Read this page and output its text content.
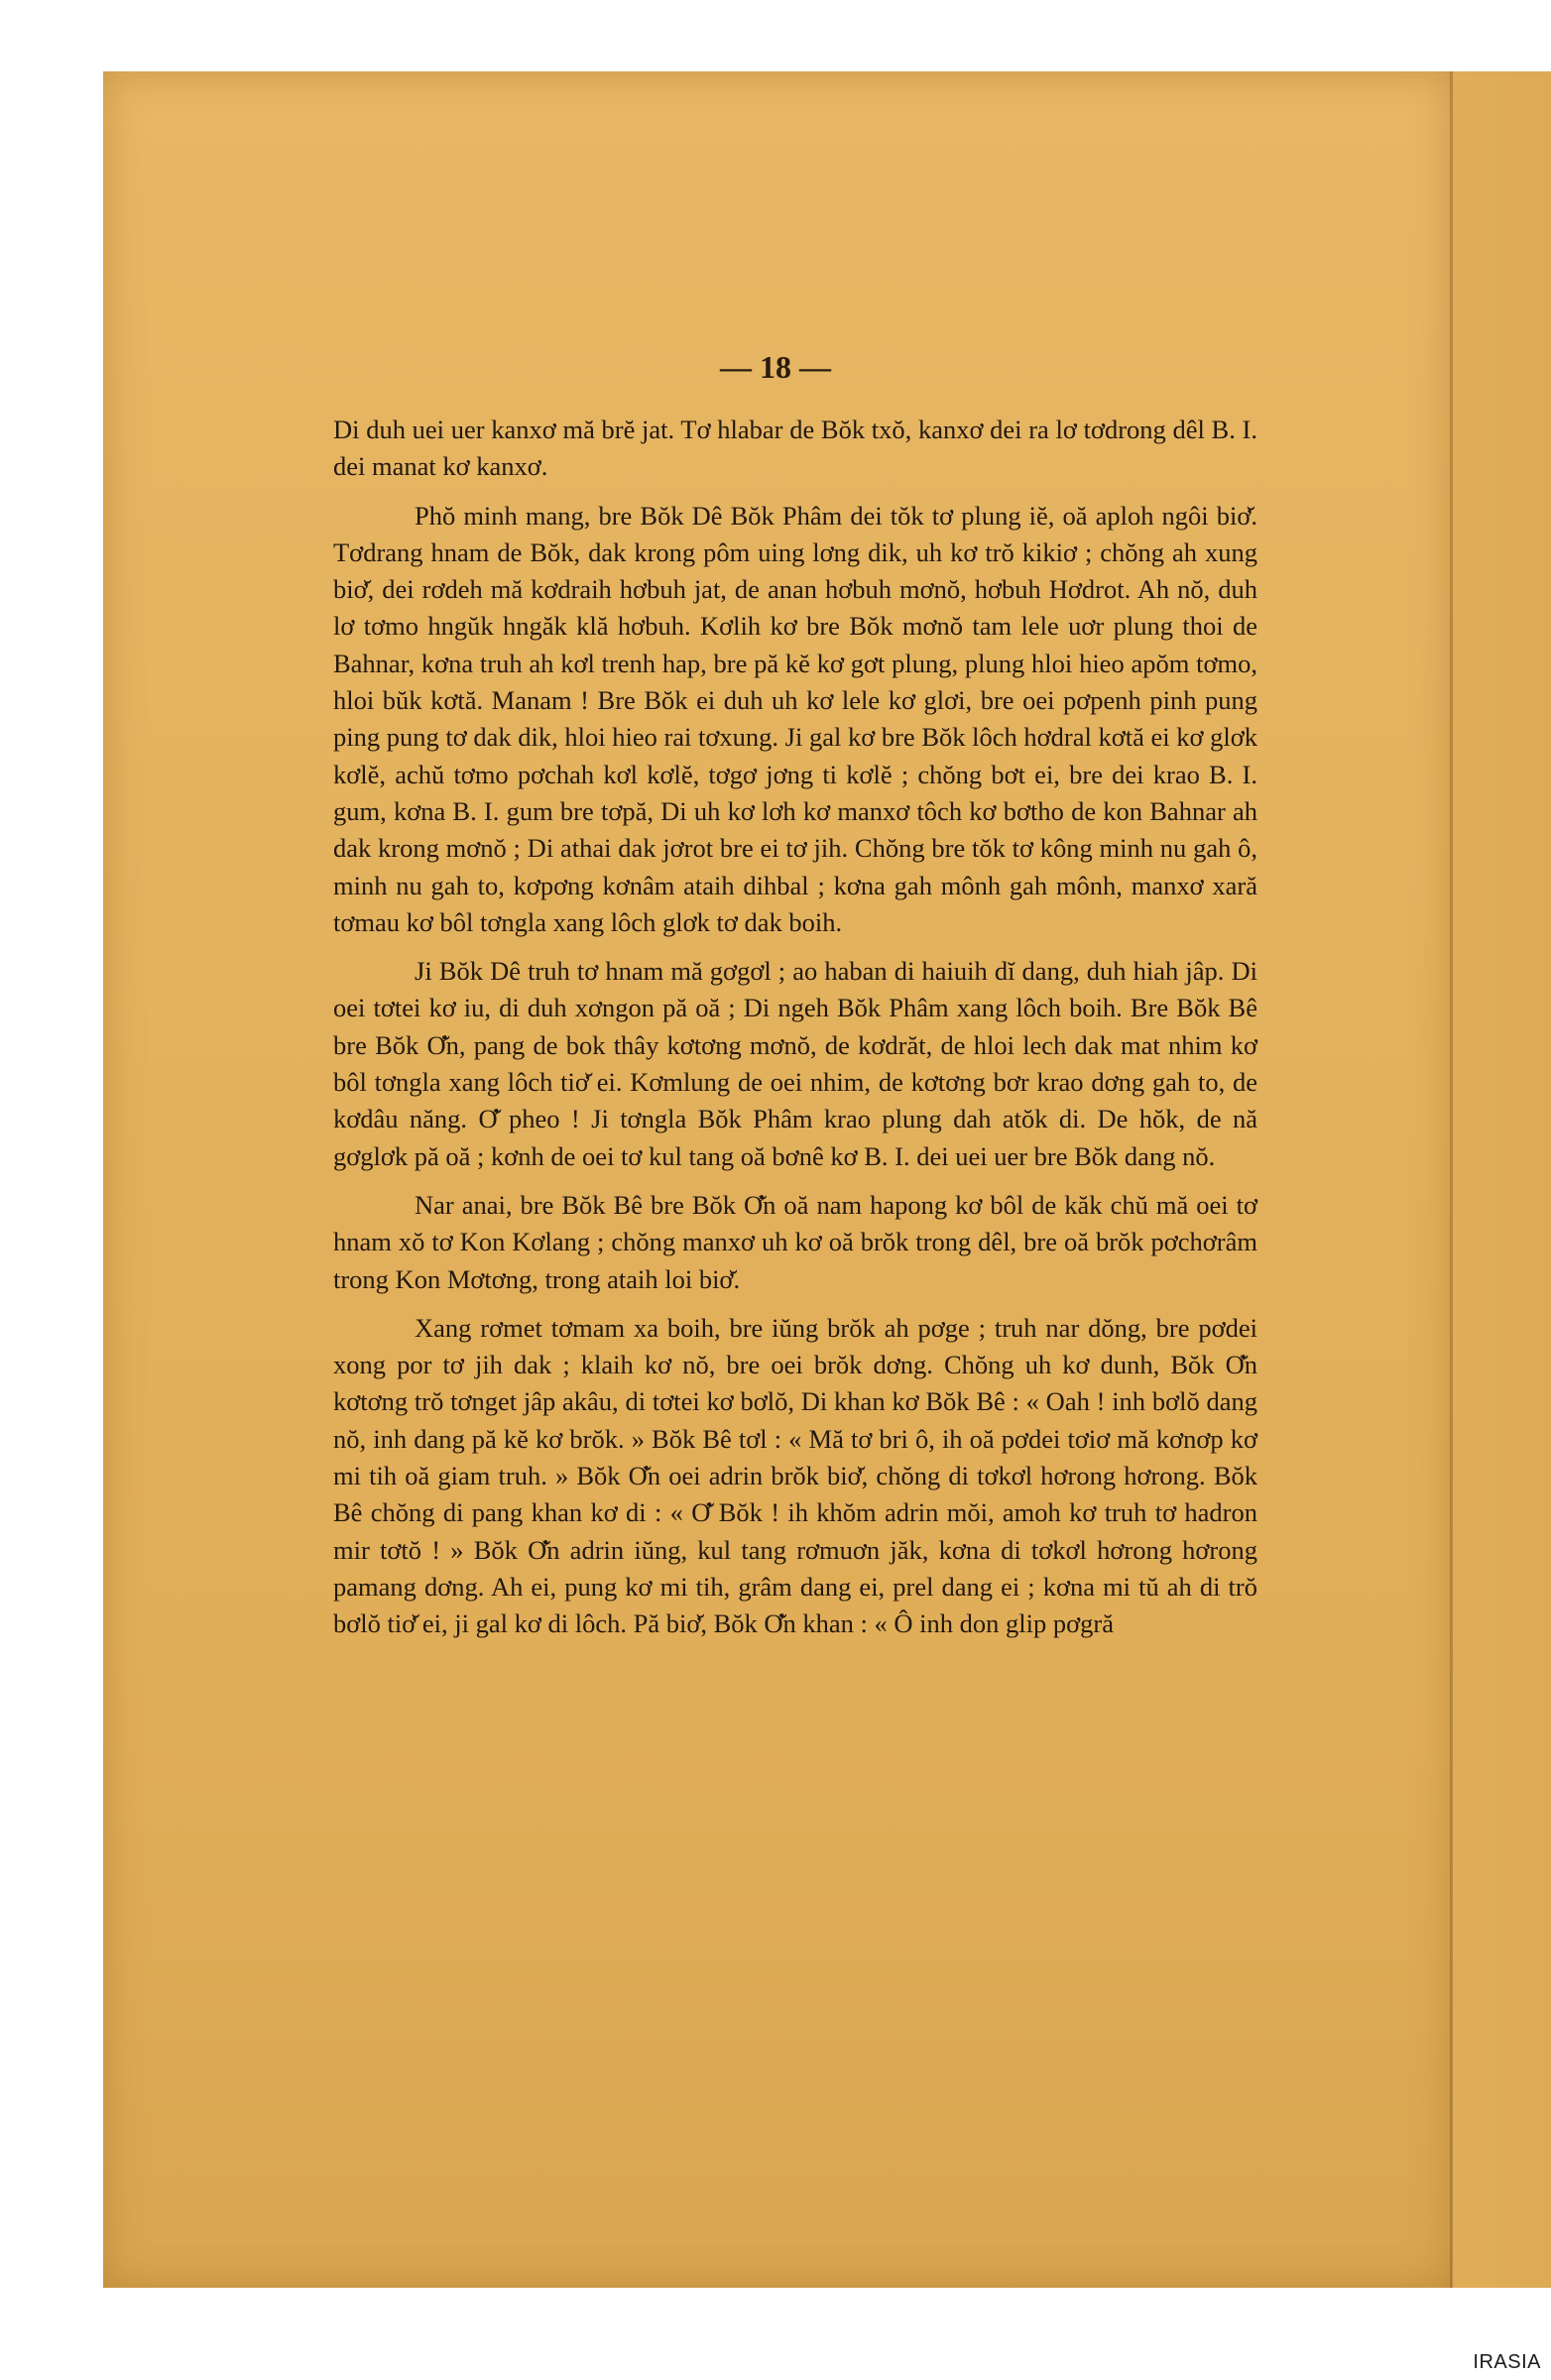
— 18 —

Di duh uei uer kanxơ mă brĕ jat. Tơ hlabar de Bŏk txŏ, kanxơ dei ra lơ tơdrong dêl B. I. dei manat kơ kanxơ.

Phŏ minh mang, bre Bŏk Dê Bŏk Phâm dei tŏk tơ plung iĕ, oă aploh ngôi biơ̆. Tơdrang hnam de Bŏk, dak krong pôm uing lơng dik, uh kơ trŏ kikiơ ; chŏng ah xung biơ̆, dei rơdeh mă kơdraih hơbuh jat, de anan hơbuh mơnŏ, hơbuh Hơdrot. Ah nŏ, duh lơ tơmo hngŭk hngăk klă hơbuh. Kơlih kơ bre Bŏk mơnŏ tam lele uơr plung thoi de Bahnar, kơna truh ah kơl trenh hap, bre pă kĕ kơ gơt plung, plung hloi hieo apŏm tơmo, hloi bŭk kơtă. Manam ! Bre Bŏk ei duh uh kơ lele kơ glơi, bre oei pơpenh pinh pung ping pung tơ dak dik, hloi hieo rai tơxung. Ji gal kơ bre Bŏk lôch hơdral kơtă ei kơ glơk kơlĕ, achŭ tơmo pơchah kơl kơlĕ, tơgơ jơng ti kơlĕ ; chŏng bơt ei, bre dei krao B. I. gum, kơna B. I. gum bre tơpă, Di uh kơ lơh kơ manxơ tôch kơ bơtho de kon Bahnar ah dak krong mơnŏ ; Di athai dak jơrot bre ei tơ jih. Chŏng bre tŏk tơ kông minh nu gah ô, minh nu gah to, kơpơng kơnâm ataih dihbal ; kơna gah mônh gah mônh, manxơ xară tơmau kơ bôl tơngla xang lôch glơk tơ dak boih.

Ji Bŏk Dê truh tơ hnam mă gơgơl ; ao haban di haiuih dĭ dang, duh hiah jâp. Di oei tơtei kơ iu, di duh xơngon pă oă ; Di ngeh Bŏk Phâm xang lôch boih. Bre Bŏk Bê bre Bŏk Ơ̆n, pang de bok thây kơtơng mơnŏ, de kơdrăt, de hloi lech dak mat nhim kơ bôl tơngla xang lôch tiơ̆ ei. Kơmlung de oei nhim, de kơtơng bơr krao dơng gah to, de kơdâu năng. Ơ̆ pheo ! Ji tơngla Bŏk Phâm krao plung dah atŏk di. De hŏk, de nă gơglơk pă oă ; kơnh de oei tơ kul tang oă bơnê kơ B. I. dei uei uer bre Bŏk dang nŏ.

Nar anai, bre Bŏk Bê bre Bŏk Ơ̆n oă nam hapong kơ bôl de kăk chŭ mă oei tơ hnam xŏ tơ Kon Kơlang ; chŏng manxơ uh kơ oă brŏk trong dêl, bre oă brŏk pơchơrâm trong Kon Mơtơng, trong ataih loi biơ̆.

Xang rơmet tơmam xa boih, bre iŭng brŏk ah pơge ; truh nar dŏng, bre pơdei xong por tơ jih dak ; klaih kơ nŏ, bre oei brŏk dơng. Chŏng uh kơ dunh, Bŏk Ơ̆n kơtơng trŏ tơnget jâp akâu, di tơtei kơ bơlŏ, Di khan kơ Bŏk Bê : « Oah ! inh bơlŏ dang nŏ, inh dang pă kĕ kơ brŏk. » Bŏk Bê tơl : « Mă tơ bri ô, ih oă pơdei tơiơ mă kơnơp kơ mi tih oă giam truh. » Bŏk Ơ̆n oei adrin brŏk biơ̆, chŏng di tơkơl hơrong hơrong. Bŏk Bê chŏng di pang khan kơ di : « Ơ̆ Bŏk ! ih khŏm adrin mŏi, amoh kơ truh tơ hadron mir tơtŏ ! » Bŏk Ơ̆n adrin iŭng, kul tang rơmuơn jăk, kơna di tơkơl hơrong hơrong pamang dơng. Ah ei, pung kơ mi tih, grâm dang ei, prel dang ei ; kơna mi tŭ ah di trŏ bơlŏ tiơ̆ ei, ji gal kơ di lôch. Pă biơ̆, Bŏk Ơ̆n khan : « Ô inh don glip pơgră

IRASIA
